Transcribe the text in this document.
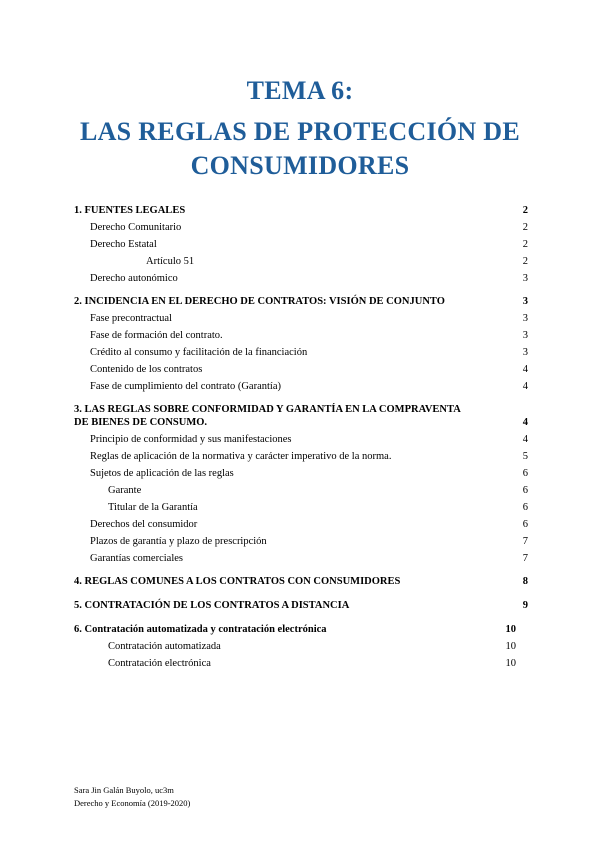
TEMA 6:
LAS REGLAS DE PROTECCIÓN DE
CONSUMIDORES
1. FUENTES LEGALES	2
Derecho Comunitario	2
Derecho Estatal	2
Artículo 51	2
Derecho autonómico	3
2. INCIDENCIA EN EL DERECHO DE CONTRATOS: VISIÓN DE CONJUNTO	3
Fase precontractual	3
Fase de formación del contrato.	3
Crédito al consumo y facilitación de la financiación	3
Contenido de los contratos	4
Fase de cumplimiento del contrato (Garantía)	4
3. LAS REGLAS SOBRE CONFORMIDAD Y GARANTÍA EN LA COMPRAVENTA DE BIENES DE CONSUMO.	4
Principio de conformidad y sus manifestaciones	4
Reglas de aplicación de la normativa y carácter imperativo de la norma.	5
Sujetos de aplicación de las reglas	6
Garante	6
Titular de la Garantía	6
Derechos del consumidor	6
Plazos de garantía y plazo de prescripción	7
Garantías comerciales	7
4. REGLAS COMUNES A LOS CONTRATOS CON CONSUMIDORES	8
5. CONTRATACIÓN DE LOS CONTRATOS A DISTANCIA	9
6. Contratación automatizada y contratación electrónica	10
Contratación automatizada	10
Contratación electrónica	10
Sara Jin Galán Buyolo, uc3m
Derecho y Economía (2019-2020)
